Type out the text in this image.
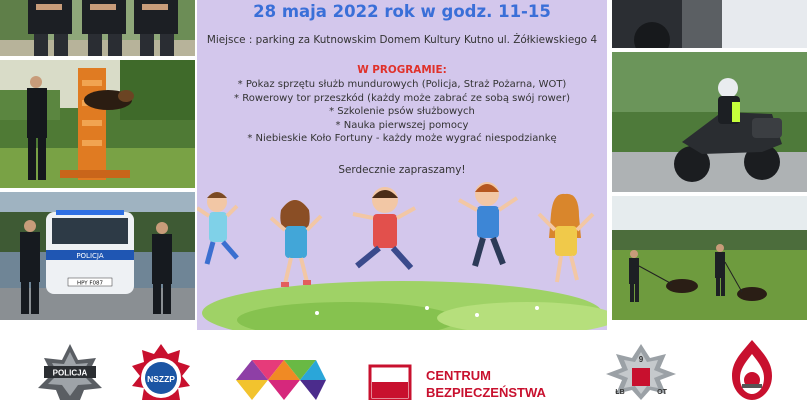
POLICJA
HPY F087
28 maja 2022 rok w godz. 11-15
Miejsce : parking za Kutnowskim Domem Kultury Kutno ul. Żółkiewskiego 4
W PROGRAMIE:
* Pokaz sprzętu służb mundurowych (Policja, Straż Pożarna, WOT)
* Rowerowy tor przeszkód (każdy może zabrać ze sobą swój rower)
* Szkolenie psów służbowych
* Nauka pierwszej pomocy
* Niebieskie Koło Fortuny - każdy może wygrać niespodziankę
Serdecznie zapraszamy!
POLICJA
NSZZP	CENTRUM
BEZPIECZEŃSTWA
9
ŁB	OT
